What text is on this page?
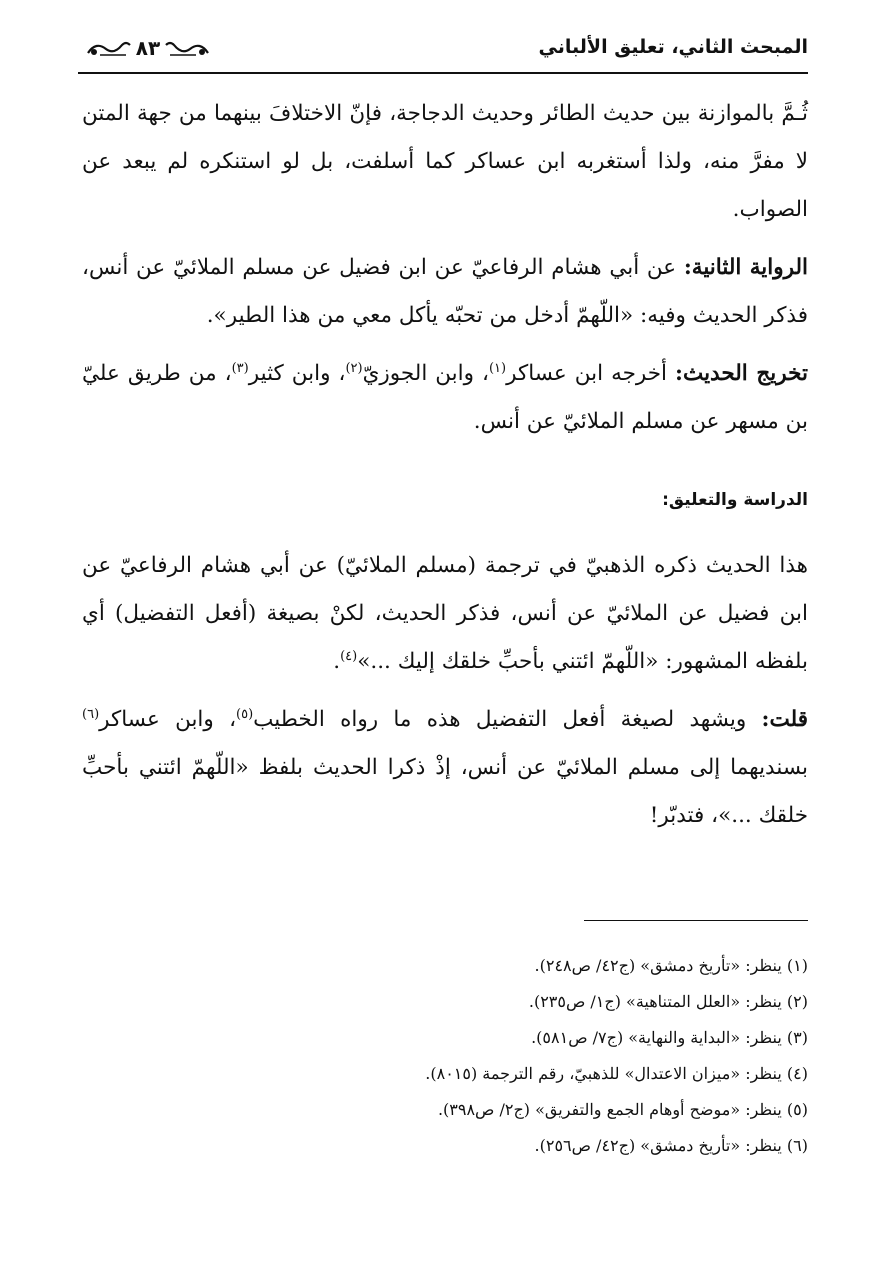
المبحث الثاني، تعليق الألباني
٨٣

ثُـمَّ بالموازنة بين حديث الطائر وحديث الدجاجة، فإنّ الاختلافَ بينهما من جهة المتن لا مفرَّ منه، ولذا أستغربه ابن عساكر كما أسلفت، بل لو استنكره لم يبعد عن الصواب.

الرواية الثانية: عن أبي هشام الرفاعيّ عن ابن فضيل عن مسلم الملائيّ عن أنس، فذكر الحديث وفيه: «اللّهمّ أدخل من تحبّه يأكل معي من هذا الطير».

تخريج الحديث: أخرجه ابن عساكر$^{(١)}$، وابن الجوزيّ$^{(٢)}$، وابن كثير$^{(٣)}$، من طريق عليّ بن مسهر عن مسلم الملائيّ عن أنس.

الدراسة والتعليق:

هذا الحديث ذكره الذهبيّ في ترجمة (مسلم الملائيّ) عن أبي هشام الرفاعيّ عن ابن فضيل عن الملائيّ عن أنس، فذكر الحديث، لكنْ بصيغة (أفعل التفضيل) أي بلفظه المشهور: «اللّهمّ ائتني بأحبِّ خلقك إليك ...»$^{(٤)}$.

قلت: ويشهد لصيغة أفعل التفضيل هذه ما رواه الخطيب$^{(٥)}$، وابن عساكر$^{(٦)}$ بسنديهما إلى مسلم الملائيّ عن أنس، إذْ ذكرا الحديث بلفظ «اللّهمّ ائتني بأحبِّ خلقك ...»، فتدبّر!

(١) ينظر: «تأريخ دمشق» (ج٤٢/ ص٢٤٨).

(٢) ينظر: «العلل المتناهية» (ج١/ ص٢٣٥).

(٣) ينظر: «البداية والنهاية» (ج٧/ ص٥٨١).

(٤) ينظر: «ميزان الاعتدال» للذهبيّ، رقم الترجمة (٨٠١٥).

(٥) ينظر: «موضح أوهام الجمع والتفريق» (ج٢/ ص٣٩٨).

(٦) ينظر: «تأريخ دمشق» (ج٤٢/ ص٢٥٦).
